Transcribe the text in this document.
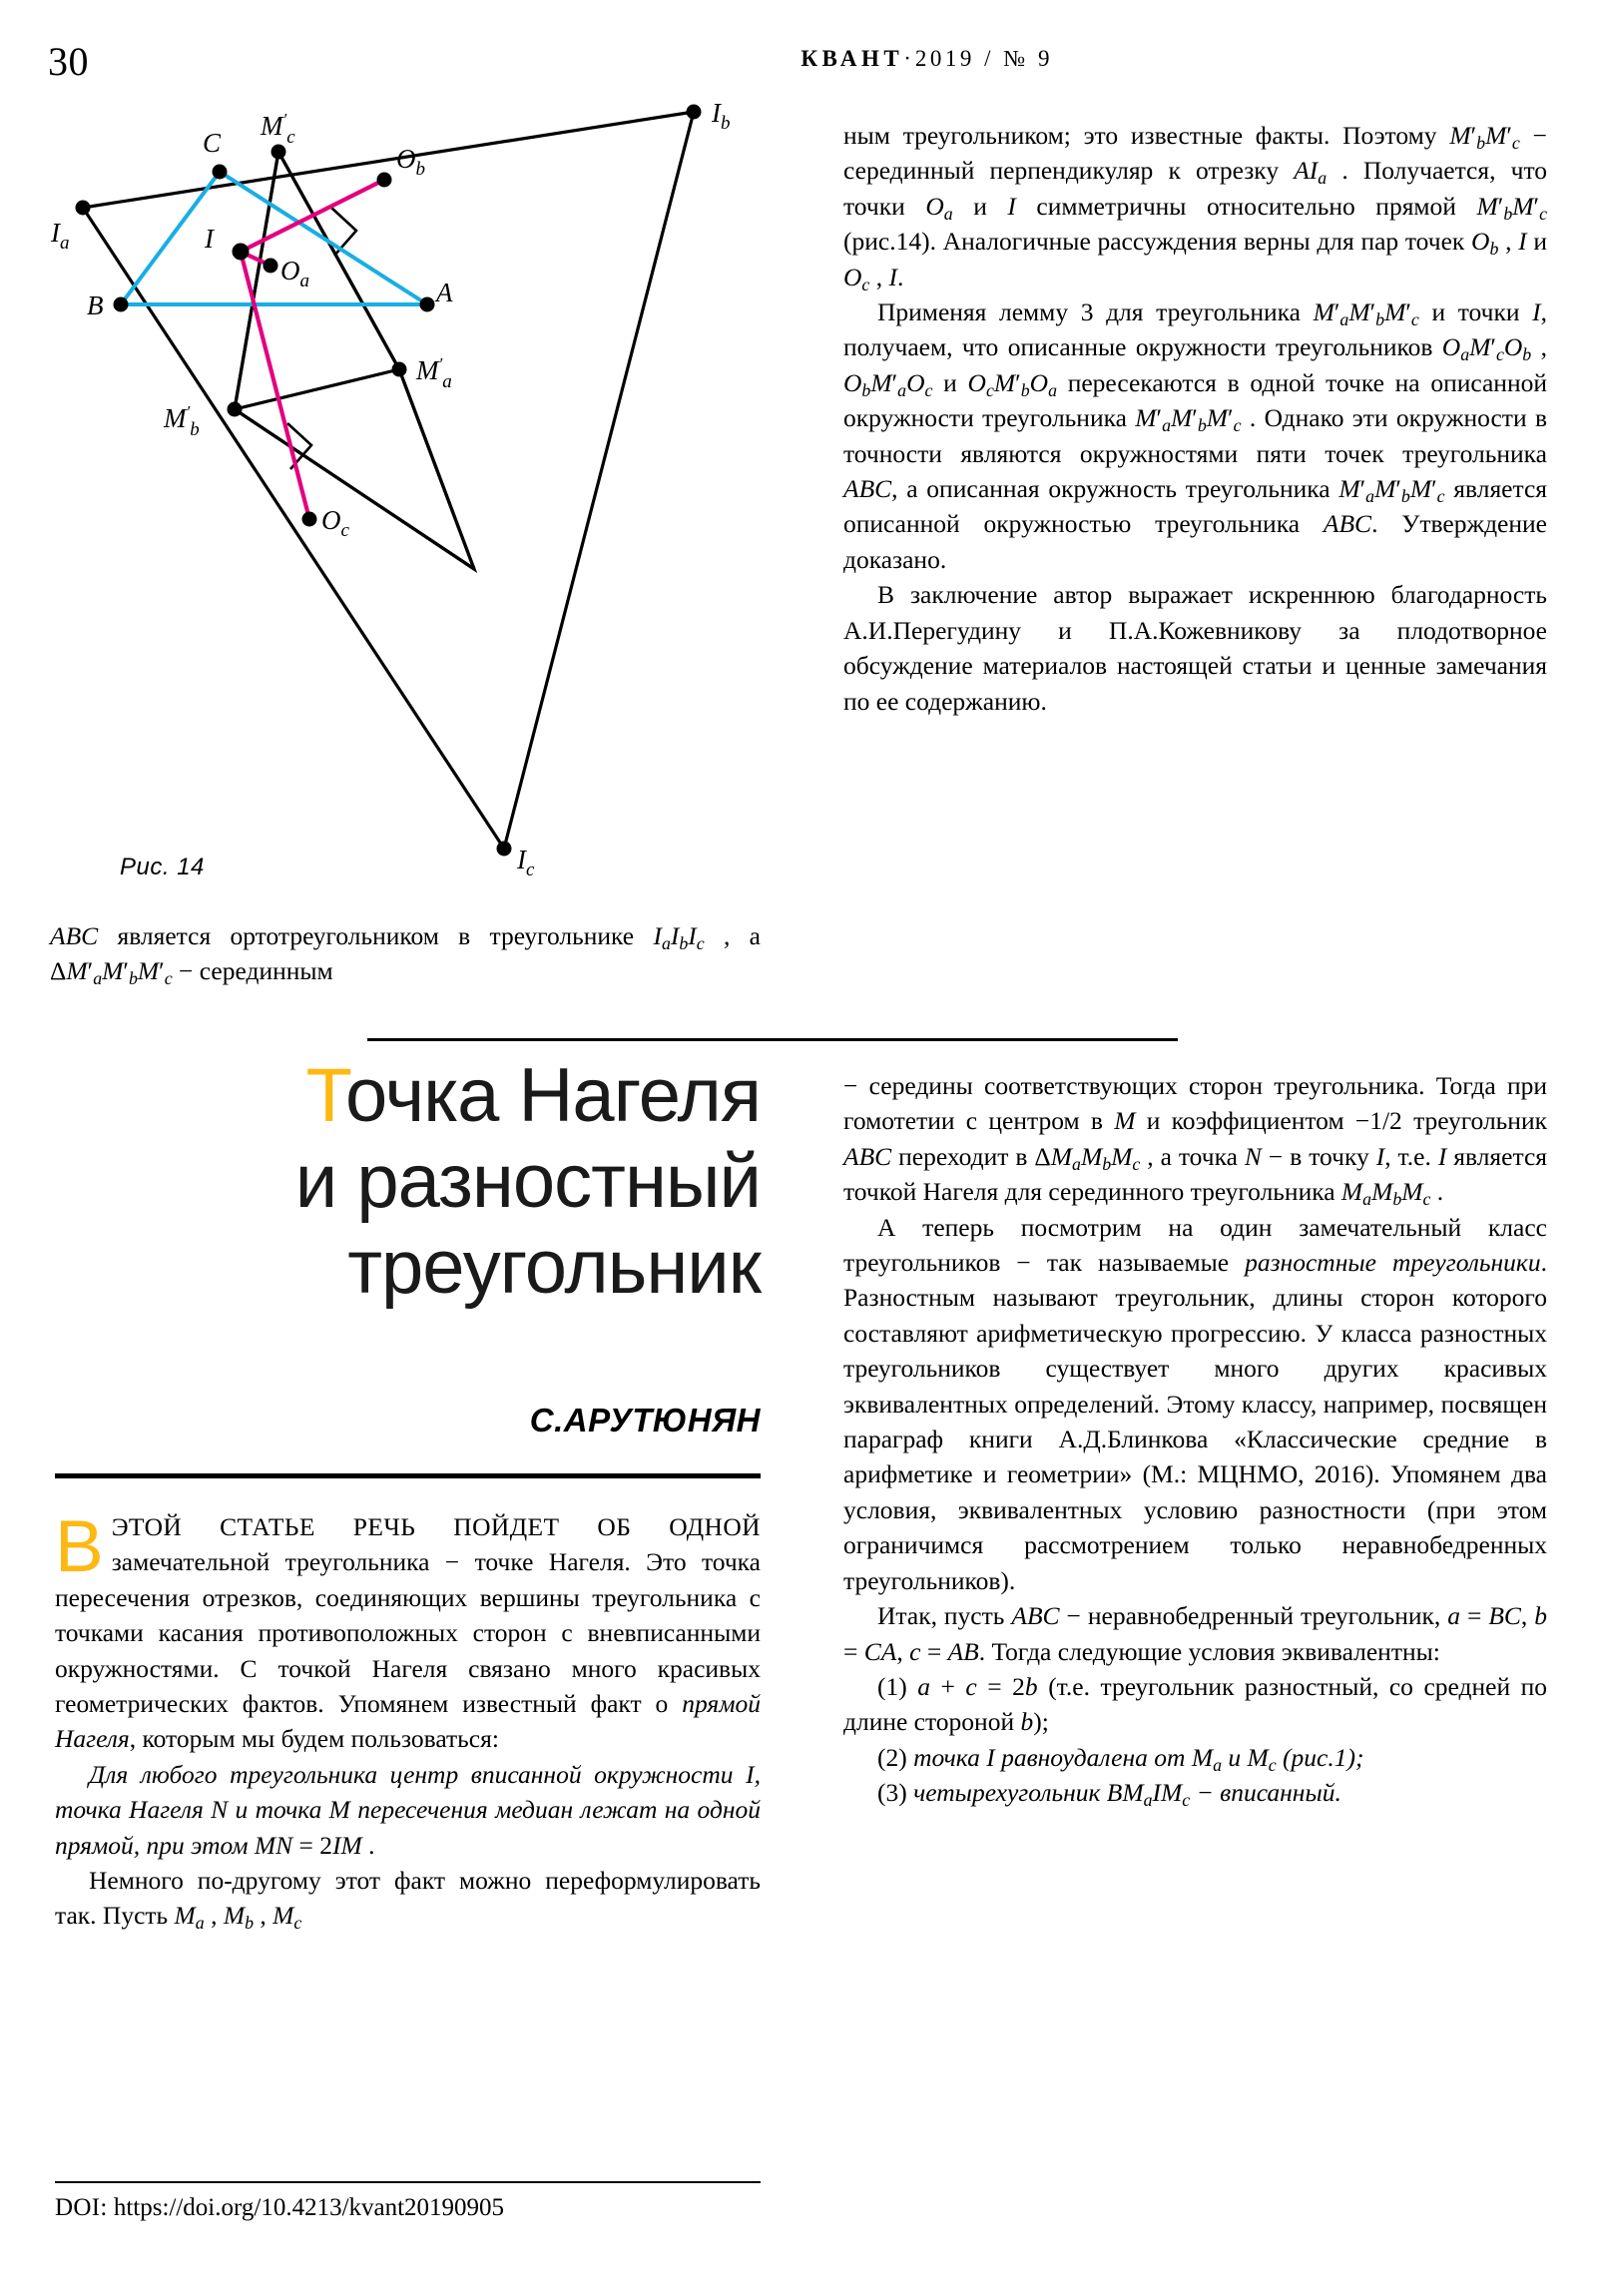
30	КВАНТ·2019 / № 9
$I_a$
$I_b$
$I_c$
A
B
C
I
$M'_c$
$M'_b$
$M'_a$
$O_a$
$O_b$
$O_c$
Рис. 14

ным треугольником; это известные факты. Поэтому $M'_bM'_c$ − серединный перпендикуляр к отрезку $AI_a$ . Получается, что точки $O_a$ и I симметричны относительно прямой $M'_bM'_c$ (рис.14). Аналогичные рассуждения верны для пар точек $O_b$ , I и $O_c$ , I.

Применяя лемму 3 для треугольника $M'_aM'_bM'_c$ и точки I, получаем, что описанные окружности треугольников $O_aM'_cO_b$ , $O_bM'_aO_c$ и $O_cM'_bO_a$ пересекаются в одной точке на описанной окружности треугольника $M'_aM'_bM'_c$ . Однако эти окружности в точности являются окружностями пяти точек треугольника ABC, а описанная окружность треугольника $M'_aM'_bM'_c$ является описанной окружностью треугольника ABC. Утверждение доказано.

В заключение автор выражает искреннюю благодарность А.И.Перегудину и П.А.Кожевникову за плодотворное обсуждение материалов настоящей статьи и ценные замечания по ее содержанию.

ABC является ортотреугольником в треугольнике $I_aI_bI_c$ , а $\Delta M'_aM'_bM'_c$ − серединным

Точка Нагеля
и разностный
треугольник
С.АРУТЮНЯН

ВЭТОЙ СТАТЬЕ РЕЧЬ ПОЙДЕТ ОБ ОДНОЙ замечательной треугольника − точке Нагеля. Это точка пересечения отрезков, соединяющих вершины треугольника с точками касания противоположных сторон с вневписанными окружностями. С точкой Нагеля связано много красивых геометрических фактов. Упомянем известный факт о прямой Нагеля, которым мы будем пользоваться:

Для любого треугольника центр вписанной окружности I, точка Нагеля N и точка M пересечения медиан лежат на одной прямой, при этом MN = 2IM .

Немного по-другому этот факт можно переформулировать так. Пусть $M_a$ , $M_b$ , $M_c$

− середины соответствующих сторон треугольника. Тогда при гомотетии с центром в M и коэффициентом −1/2 треугольник ABC переходит в $\Delta M_aM_bM_c$ , а точка N − в точку I, т.е. I является точкой Нагеля для серединного треугольника $M_aM_bM_c$ .

А теперь посмотрим на один замечательный класс треугольников − так называемые разностные треугольники. Разностным называют треугольник, длины сторон которого составляют арифметическую прогрессию. У класса разностных треугольников существует много других красивых эквивалентных определений. Этому классу, например, посвящен параграф книги А.Д.Блинкова «Классические средние в арифметике и геометрии» (М.: МЦНМО, 2016). Упомянем два условия, эквивалентных условию разностности (при этом ограничимся рассмотрением только неравнобедренных треугольников).

Итак, пусть ABC − неравнобедренный треугольник, a = BC, b = CA, c = AB. Тогда следующие условия эквивалентны:

(1) a + c = 2b (т.е. треугольник разностный, со средней по длине стороной b);

(2) точка I равноудалена от $M_a$ и $M_c$ (рис.1);

(3) четырехугольник $BM_aIM_c$ − вписанный.

DOI: https://doi.org/10.4213/kvant20190905
